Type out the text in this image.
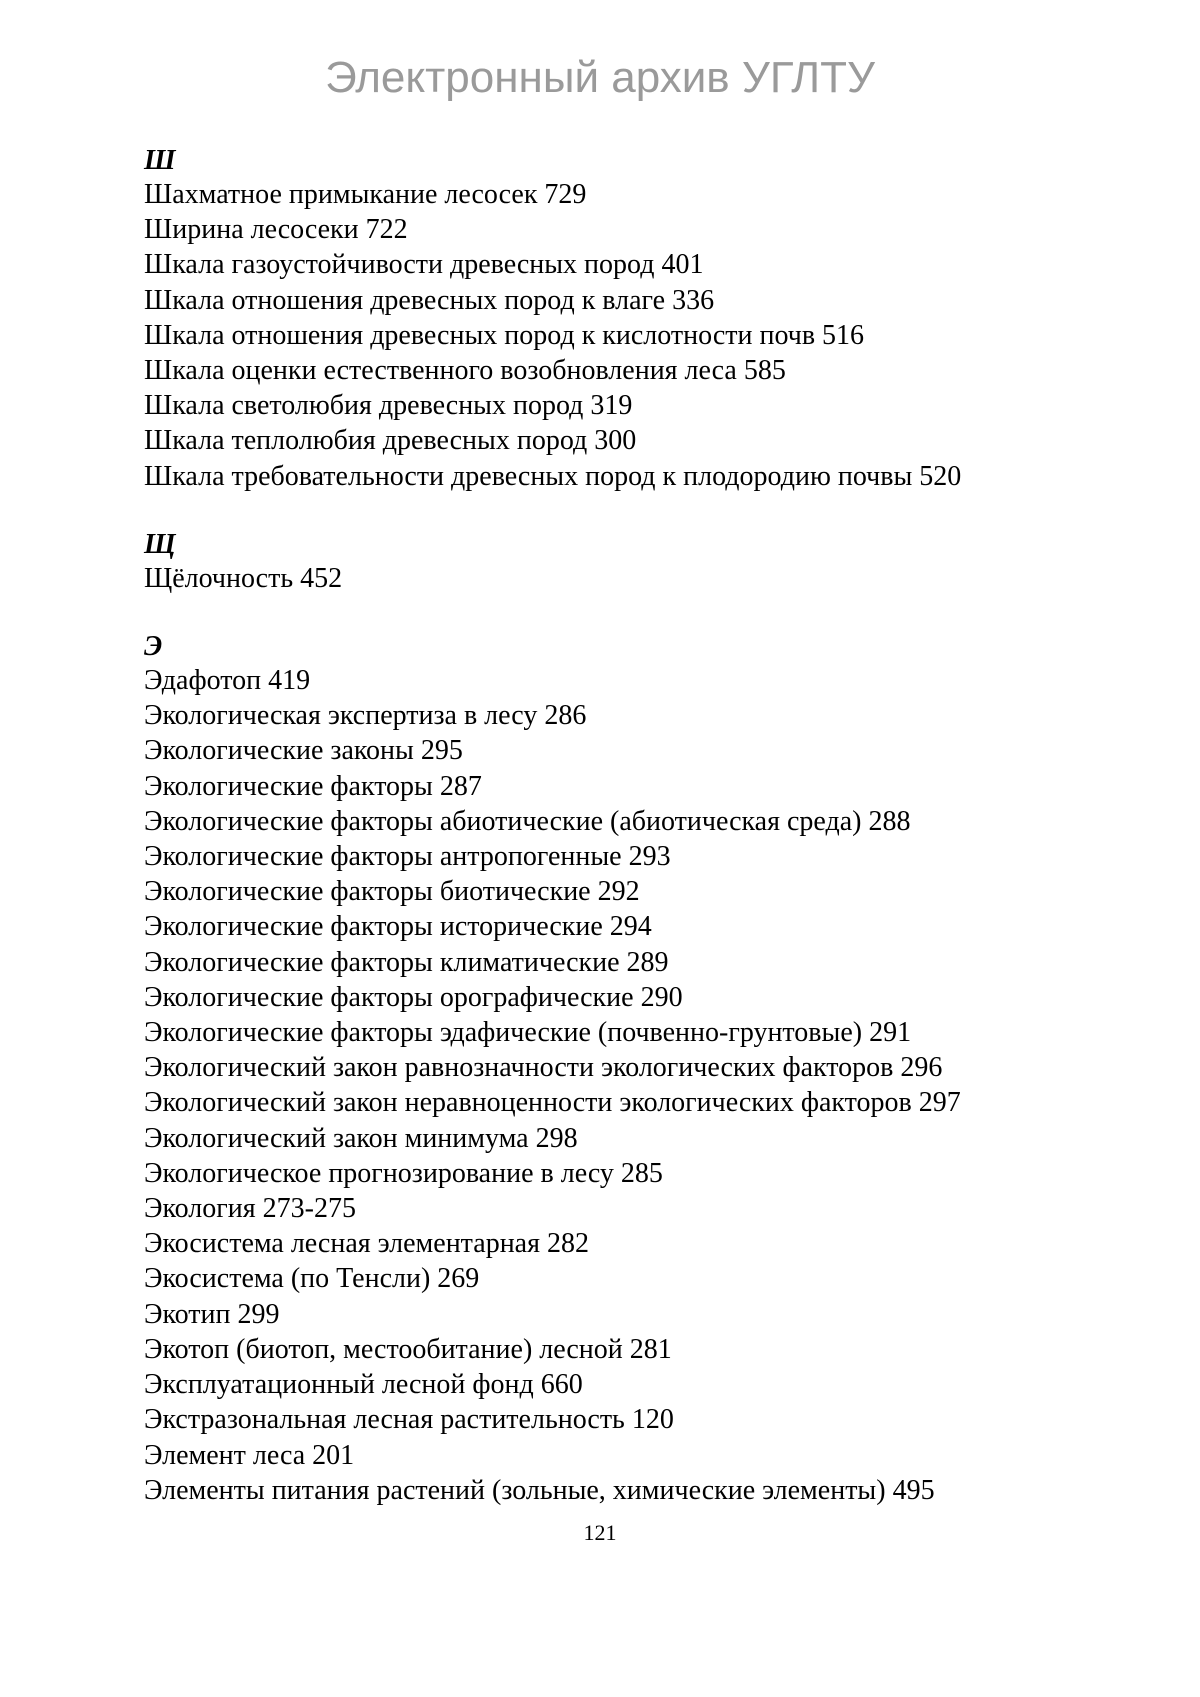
Электронный архив УГЛТУ
Ш
Шахматное примыкание лесосек 729
Ширина лесосеки 722
Шкала газоустойчивости древесных пород 401
Шкала отношения древесных пород к влаге 336
Шкала отношения древесных пород к кислотности почв 516
Шкала оценки естественного возобновления леса 585
Шкала светолюбия древесных пород 319
Шкала теплолюбия древесных пород 300
Шкала требовательности древесных пород к плодородию почвы 520
Щ
Щёлочность 452
Э
Эдафотоп 419
Экологическая экспертиза в лесу 286
Экологические законы 295
Экологические факторы 287
Экологические факторы абиотические (абиотическая среда) 288
Экологические факторы антропогенные 293
Экологические факторы биотические 292
Экологические факторы исторические 294
Экологические факторы климатические 289
Экологические факторы орографические 290
Экологические факторы эдафические (почвенно-грунтовые) 291
Экологический закон равнозначности экологических факторов 296
Экологический закон неравноценности экологических факторов 297
Экологический закон минимума 298
Экологическое прогнозирование в лесу 285
Экология 273-275
Экосистема лесная элементарная 282
Экосистема (по Тенсли) 269
Экотип 299
Экотоп (биотоп, местообитание) лесной 281
Эксплуатационный лесной фонд 660
Экстразональная лесная растительность 120
Элемент леса 201
Элементы питания растений (зольные, химические элементы) 495
121
